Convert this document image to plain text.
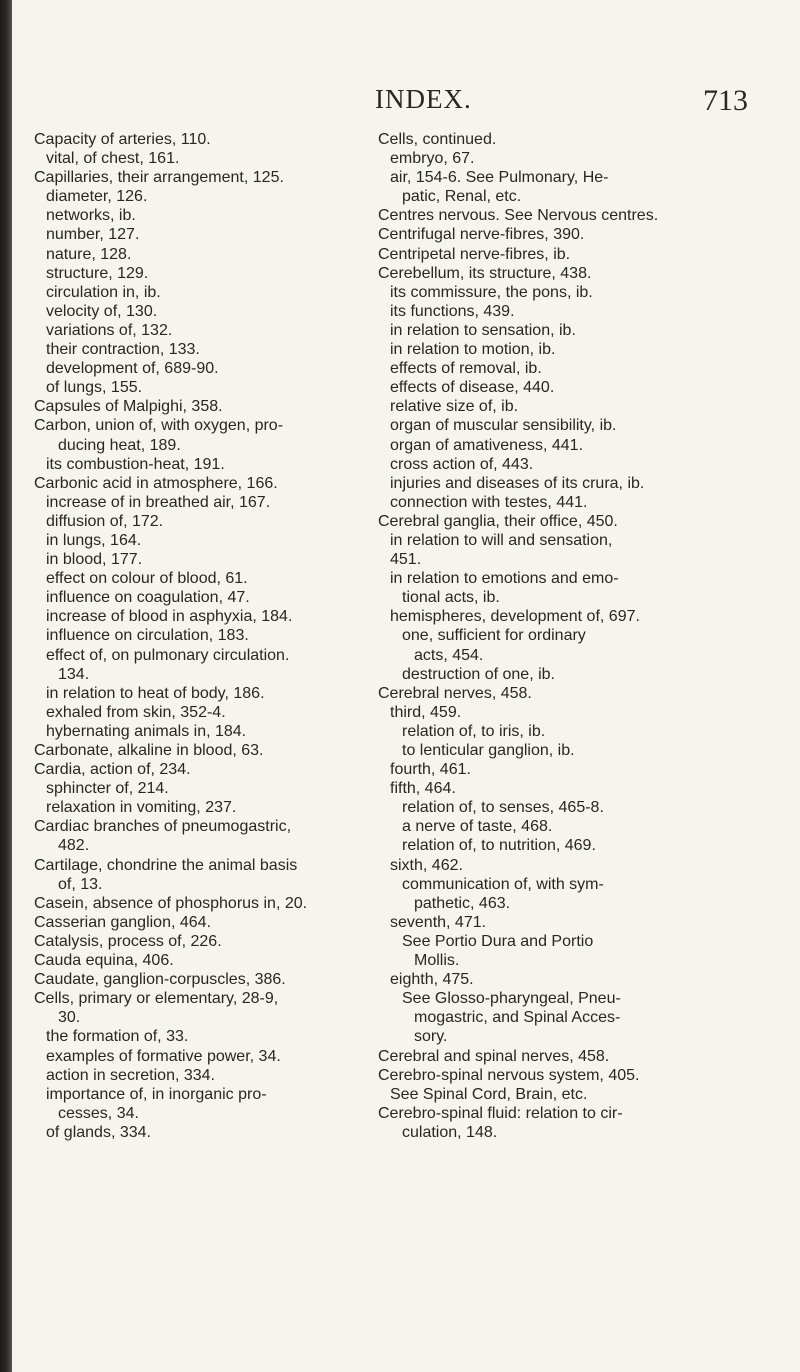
INDEX.	713
Capacity of arteries, 110.
vital, of chest, 161.
Capillaries, their arrangement, 125.
diameter, 126.
networks, ib.
number, 127.
nature, 128.
structure, 129.
circulation in, ib.
velocity of, 130.
variations of, 132.
their contraction, 133.
development of, 689-90.
of lungs, 155.
Capsules of Malpighi, 358.
Carbon, union of, with oxygen, pro-
ducing heat, 189.
its combustion-heat, 191.
Carbonic acid in atmosphere, 166.
increase of in breathed air, 167.
diffusion of, 172.
in lungs, 164.
in blood, 177.
effect on colour of blood, 61.
influence on coagulation, 47.
increase of blood in asphyxia, 184.
influence on circulation, 183.
effect of, on pulmonary circulation.
134.
in relation to heat of body, 186.
exhaled from skin, 352-4.
hybernating animals in, 184.
Carbonate, alkaline in blood, 63.
Cardia, action of, 234.
sphincter of, 214.
relaxation in vomiting, 237.
Cardiac branches of pneumogastric,
482.
Cartilage, chondrine the animal basis
of, 13.
Casein, absence of phosphorus in, 20.
Casserian ganglion, 464.
Catalysis, process of, 226.
Cauda equina, 406.
Caudate, ganglion-corpuscles, 386.
Cells, primary or elementary, 28-9,
30.
the formation of, 33.
examples of formative power, 34.
action in secretion, 334.
importance of, in inorganic pro-
cesses, 34.
of glands, 334.
Cells, continued.
embryo, 67.
air, 154-6. See Pulmonary, He-
patic, Renal, etc.
Centres nervous. See Nervous centres.
Centrifugal nerve-fibres, 390.
Centripetal nerve-fibres, ib.
Cerebellum, its structure, 438.
its commissure, the pons, ib.
its functions, 439.
in relation to sensation, ib.
in relation to motion, ib.
effects of removal, ib.
effects of disease, 440.
relative size of, ib.
organ of muscular sensibility, ib.
organ of amativeness, 441.
cross action of, 443.
injuries and diseases of its crura, ib.
connection with testes, 441.
Cerebral ganglia, their office, 450.
in relation to will and sensation,
451.
in relation to emotions and emo-
tional acts, ib.
hemispheres, development of, 697.
one, sufficient for ordinary
acts, 454.
destruction of one, ib.
Cerebral nerves, 458.
third, 459.
relation of, to iris, ib.
to lenticular ganglion, ib.
fourth, 461.
fifth, 464.
relation of, to senses, 465-8.
a nerve of taste, 468.
relation of, to nutrition, 469.
sixth, 462.
communication of, with sym-
pathetic, 463.
seventh, 471.
See Portio Dura and Portio
Mollis.
eighth, 475.
See Glosso-pharyngeal, Pneu-
mogastric, and Spinal Acces-
sory.
Cerebral and spinal nerves, 458.
Cerebro-spinal nervous system, 405.
See Spinal Cord, Brain, etc.
Cerebro-spinal fluid: relation to cir-
culation, 148.
